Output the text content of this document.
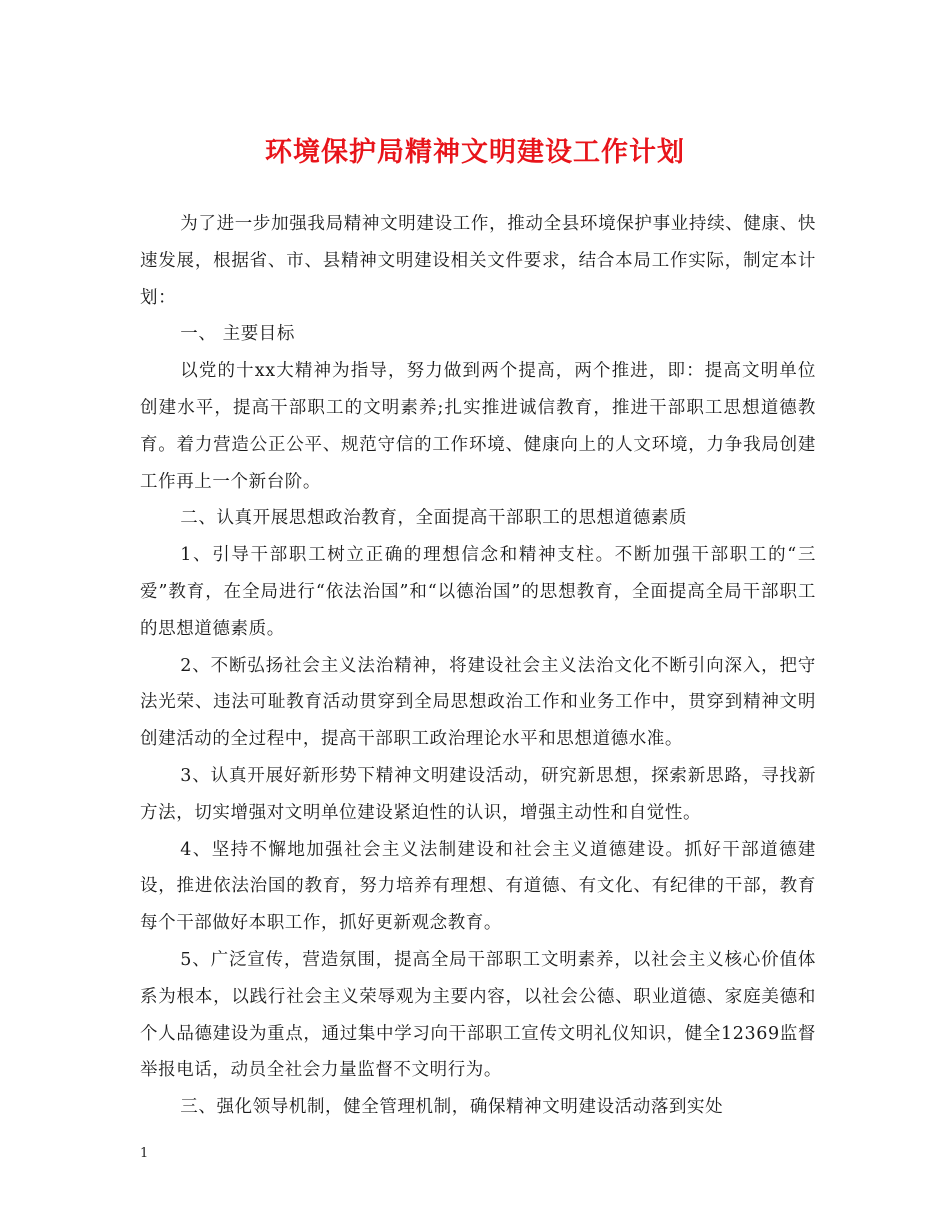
环境保护局精神文明建设工作计划

为了进一步加强我局精神文明建设工作，推动全县环境保护事业持续、健康、快速发展，根据省、市、县精神文明建设相关文件要求，结合本局工作实际，制定本计划：

一、 主要目标

以党的十xx大精神为指导，努力做到两个提高，两个推进，即：提高文明单位创建水平，提高干部职工的文明素养;扎实推进诚信教育，推进干部职工思想道德教育。着力营造公正公平、规范守信的工作环境、健康向上的人文环境，力争我局创建工作再上一个新台阶。

二、认真开展思想政治教育，全面提高干部职工的思想道德素质

1、引导干部职工树立正确的理想信念和精神支柱。不断加强干部职工的“三爱”教育，在全局进行“依法治国”和“以德治国”的思想教育，全面提高全局干部职工的思想道德素质。

2、不断弘扬社会主义法治精神，将建设社会主义法治文化不断引向深入，把守法光荣、违法可耻教育活动贯穿到全局思想政治工作和业务工作中，贯穿到精神文明创建活动的全过程中，提高干部职工政治理论水平和思想道德水准。

3、认真开展好新形势下精神文明建设活动，研究新思想，探索新思路，寻找新方法，切实增强对文明单位建设紧迫性的认识，增强主动性和自觉性。

4、坚持不懈地加强社会主义法制建设和社会主义道德建设。抓好干部道德建设，推进依法治国的教育，努力培养有理想、有道德、有文化、有纪律的干部，教育每个干部做好本职工作，抓好更新观念教育。

5、广泛宣传，营造氛围，提高全局干部职工文明素养，以社会主义核心价值体系为根本，以践行社会主义荣辱观为主要内容，以社会公德、职业道德、家庭美德和个人品德建设为重点，通过集中学习向干部职工宣传文明礼仪知识，健全12369监督举报电话，动员全社会力量监督不文明行为。

三、强化领导机制，健全管理机制，确保精神文明建设活动落到实处

1
